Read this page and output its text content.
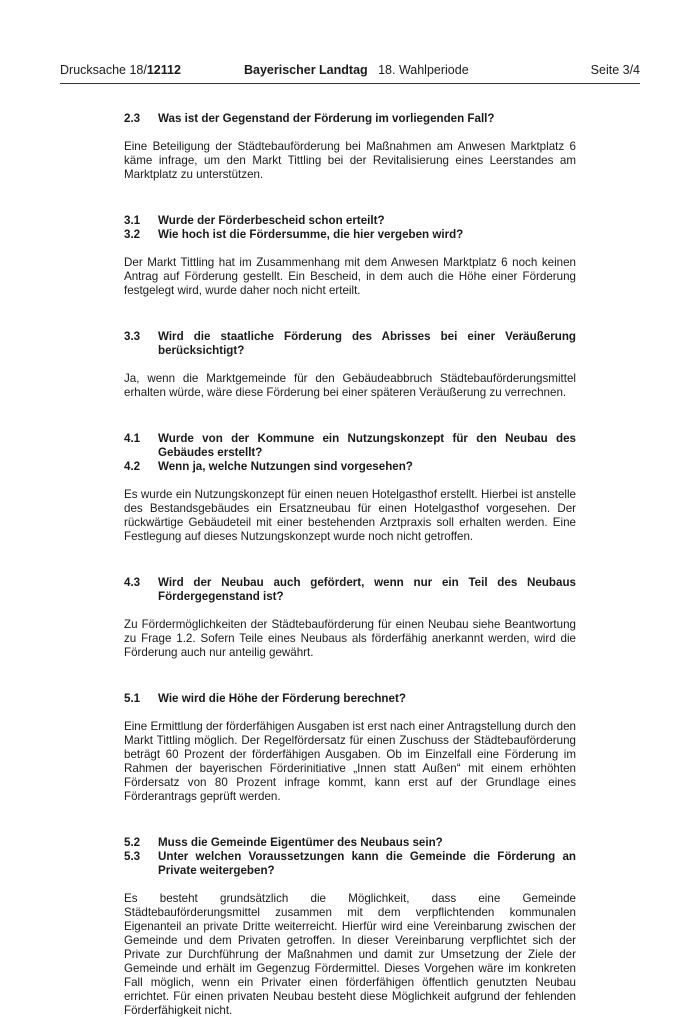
Drucksache 18/12112	Bayerischer Landtag 18. Wahlperiode	Seite 3/4
2.3	Was ist der Gegenstand der Förderung im vorliegenden Fall?

Eine Beteiligung der Städtebauförderung bei Maßnahmen am Anwesen Marktplatz 6 käme infrage, um den Markt Tittling bei der Revitalisierung eines Leerstandes am Marktplatz zu unterstützen.

3.1	Wurde der Förderbescheid schon erteilt?
3.2	Wie hoch ist die Fördersumme, die hier vergeben wird?

Der Markt Tittling hat im Zusammenhang mit dem Anwesen Marktplatz 6 noch keinen Antrag auf Förderung gestellt. Ein Bescheid, in dem auch die Höhe einer Förderung festgelegt wird, wurde daher noch nicht erteilt.

3.3	Wird die staatliche Förderung des Abrisses bei einer Veräußerung berücksichtigt?

Ja, wenn die Marktgemeinde für den Gebäudeabbruch Städtebauförderungsmittel erhalten würde, wäre diese Förderung bei einer späteren Veräußerung zu verrechnen.

4.1	Wurde von der Kommune ein Nutzungskonzept für den Neubau des Gebäudes erstellt?
4.2	Wenn ja, welche Nutzungen sind vorgesehen?

Es wurde ein Nutzungskonzept für einen neuen Hotelgasthof erstellt. Hierbei ist anstelle des Bestandsgebäudes ein Ersatzneubau für einen Hotelgasthof vorgesehen. Der rückwärtige Gebäudeteil mit einer bestehenden Arztpraxis soll erhalten werden. Eine Festlegung auf dieses Nutzungskonzept wurde noch nicht getroffen.

4.3	Wird der Neubau auch gefördert, wenn nur ein Teil des Neubaus Fördergegenstand ist?

Zu Fördermöglichkeiten der Städtebauförderung für einen Neubau siehe Beantwortung zu Frage 1.2. Sofern Teile eines Neubaus als förderfähig anerkannt werden, wird die Förderung auch nur anteilig gewährt.

5.1	Wie wird die Höhe der Förderung berechnet?

Eine Ermittlung der förderfähigen Ausgaben ist erst nach einer Antragstellung durch den Markt Tittling möglich. Der Regelfördersatz für einen Zuschuss der Städtebauförderung beträgt 60 Prozent der förderfähigen Ausgaben. Ob im Einzelfall eine Förderung im Rahmen der bayerischen Förderinitiative „Innen statt Außen“ mit einem erhöhten Fördersatz von 80 Prozent infrage kommt, kann erst auf der Grundlage eines Förderantrags geprüft werden.

5.2	Muss die Gemeinde Eigentümer des Neubaus sein?
5.3	Unter welchen Voraussetzungen kann die Gemeinde die Förderung an Private weitergeben?

Es besteht grundsätzlich die Möglichkeit, dass eine Gemeinde Städtebauförderungsmittel zusammen mit dem verpflichtenden kommunalen Eigenanteil an private Dritte weiterreicht. Hierfür wird eine Vereinbarung zwischen der Gemeinde und dem Privaten getroffen. In dieser Vereinbarung verpflichtet sich der Private zur Durchführung der Maßnahmen und damit zur Umsetzung der Ziele der Gemeinde und erhält im Gegenzug Fördermittel. Dieses Vorgehen wäre im konkreten Fall möglich, wenn ein Privater einen förderfähigen öffentlich genutzten Neubau errichtet. Für einen privaten Neubau besteht diese Möglichkeit aufgrund der fehlenden Förderfähigkeit nicht.
